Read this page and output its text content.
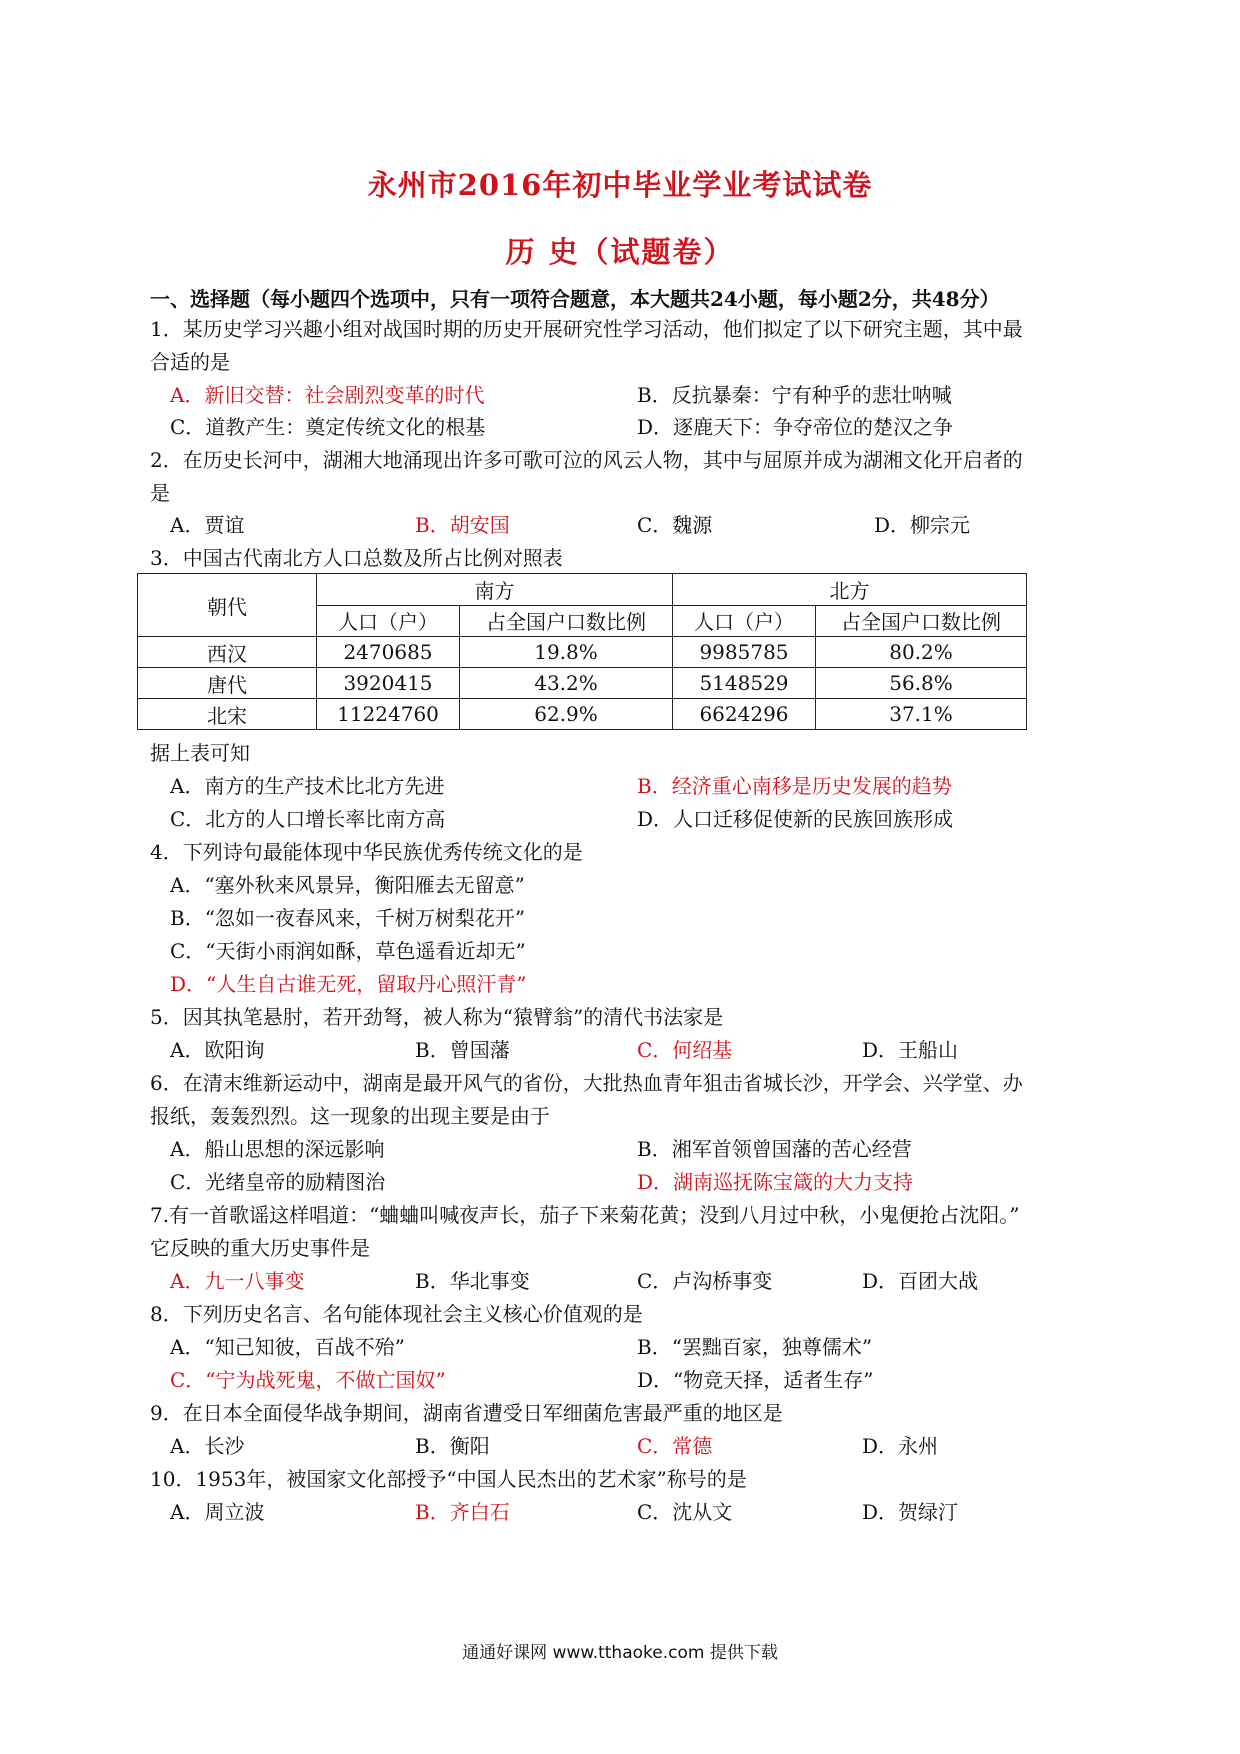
永州市2016年初中毕业学业考试试卷
历 史（试题卷）
一、选择题（每小题四个选项中，只有一项符合题意，本大题共24小题，每小题2分，共48分）
1．某历史学习兴趣小组对战国时期的历史开展研究性学习活动，他们拟定了以下研究主题，其中最
合适的是
A．新旧交替：社会剧烈变革的时代	B．反抗暴秦：宁有种乎的悲壮呐喊
C．道教产生：奠定传统文化的根基	D．逐鹿天下：争夺帝位的楚汉之争
2．在历史长河中，湖湘大地涌现出许多可歌可泣的风云人物，其中与屈原并成为湖湘文化开启者的
是
A．贾谊	B．胡安国	C．魏源	D．柳宗元
3．中国古代南北方人口总数及所占比例对照表
朝代	南方		北方	
	人口（户）	占全国户口数比例	人口（户）	占全国户口数比例
西汉	2470685	19.8%	9985785	80.2%
唐代	3920415	43.2%	5148529	56.8%
北宋	11224760	62.9%	6624296	37.1%
据上表可知
A．南方的生产技术比北方先进	B．经济重心南移是历史发展的趋势
C．北方的人口增长率比南方高	D．人口迁移促使新的民族回族形成
4．下列诗句最能体现中华民族优秀传统文化的是
A．“塞外秋来风景异，衡阳雁去无留意”
B．“忽如一夜春风来，千树万树梨花开”
C．“天街小雨润如酥，草色遥看近却无”
D．“人生自古谁无死，留取丹心照汗青”
5．因其执笔悬肘，若开劲弩，被人称为“猿臂翁”的清代书法家是
A．欧阳询	B．曾国藩	C．何绍基	D．王船山
6．在清末维新运动中，湖南是最开风气的省份，大批热血青年狙击省城长沙，开学会、兴学堂、办
报纸，轰轰烈烈。这一现象的出现主要是由于
A．船山思想的深远影响	B．湘军首领曾国藩的苦心经营
C．光绪皇帝的励精图治	D．湖南巡抚陈宝箴的大力支持
7.有一首歌谣这样唱道：“蛐蛐叫喊夜声长，茄子下来菊花黄；没到八月过中秋，小鬼便抢占沈阳。”
它反映的重大历史事件是
A．九一八事变	B．华北事变	C．卢沟桥事变	D．百团大战
8．下列历史名言、名句能体现社会主义核心价值观的是
A．“知己知彼，百战不殆”	B．“罢黜百家，独尊儒术”
C．“宁为战死鬼，不做亡国奴”	D．“物竞天择，适者生存”
9．在日本全面侵华战争期间，湖南省遭受日军细菌危害最严重的地区是
A．长沙	B．衡阳	C．常德	D．永州
10．1953年，被国家文化部授予“中国人民杰出的艺术家”称号的是
A．周立波	B．齐白石	C．沈从文	D．贺绿汀
通通好课网 www.tthaoke.com 提供下载
